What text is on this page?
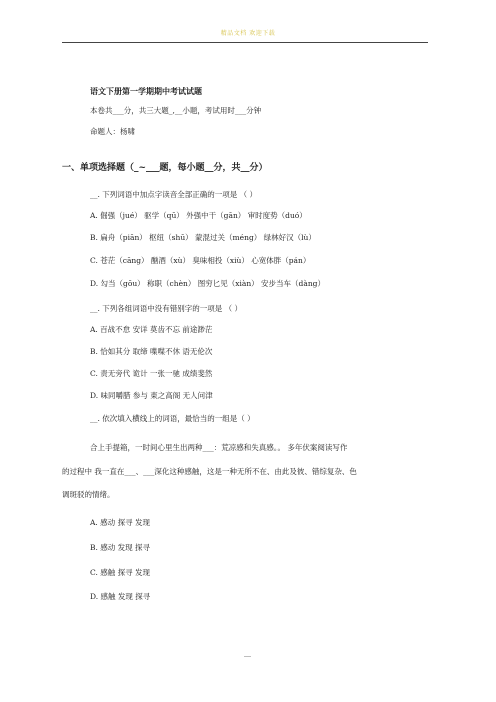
精品文档 欢迎下载
语文下册第一学期期中考试试题
本卷共___分，共三大题_,__小题，考试用时___分钟
命题人：杨啸
一、单项选择题（_~___题，每小题__分，共__分）
__. 下列词语中加点字读音全部正确的一项是 （ ）
A. 倔强（jué） 驱学（qū） 外强中干（gān） 审时度势（duó）
B. 扁舟（piān） 枢纽（shū） 蒙混过关（méng） 绿林好汉（lù）
C. 苍茫（cāng） 酗酒（xù） 臭味相投（xiù） 心宽体胖（pán）
D. 勾当（gōu） 称职（chèn） 图穷匕见（xiàn） 安步当车（dàng）
__. 下列各组词语中没有错别字的一项是 （ ）
A. 百战不怠 安详 莫齿不忘 前途渺茫
B. 恰如其分 取缔 喋喋不休 语无伦次
C. 责无旁代 诡计 一张一驰 成绩斐然
D. 味同嚼腊 参与 東之高阁 无人问津
__. 依次填入横线上的词语，最恰当的一组是（ ）
合上手提箱，一时间心里生出两种___：荒凉感和失真感。。 多年伏案阅读写作
的过程中 我一直在___、___深化这种感触，这是一种无所不在、由此及彼、错综复杂、色
调斑驳的情绪。
A. 感动 探寻 发现
B. 感动 发现 探寻
C. 感触 探寻 发现
D. 感触 发现 探寻
__
